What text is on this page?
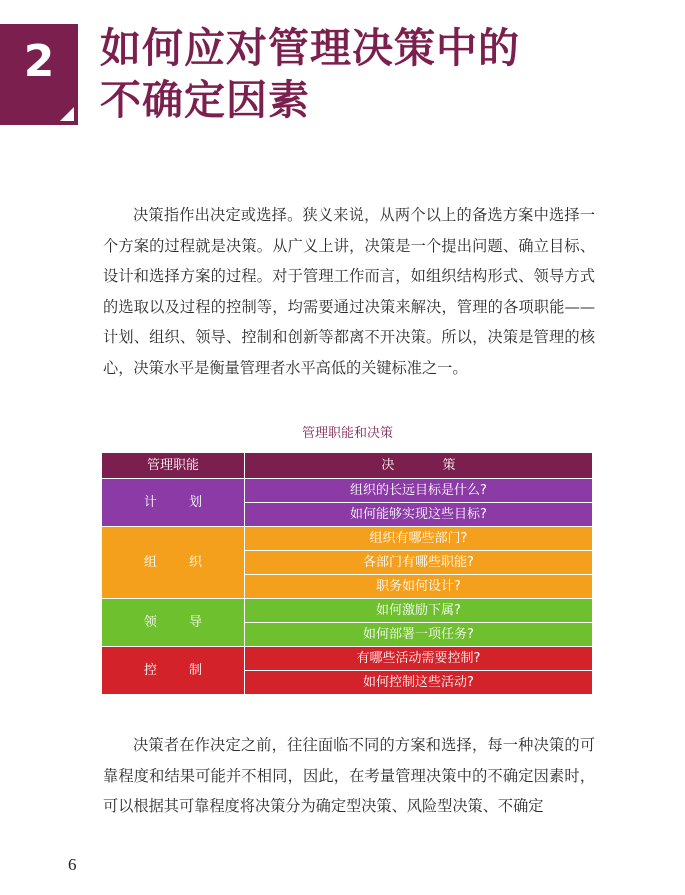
2	如何应对管理决策中的
不确定因素

决策指作出决定或选择。狭义来说，从两个以上的备选方案中选择一个方案的过程就是决策。从广义上讲，决策是一个提出问题、确立目标、设计和选择方案的过程。对于管理工作而言，如组织结构形式、领导方式的选取以及过程的控制等，均需要通过决策来解决，管理的各项职能——计划、组织、领导、控制和创新等都离不开决策。所以，决策是管理的核心，决策水平是衡量管理者水平高低的关键标准之一。

管理职能和决策
管理职能	决 策
计 划	组织的长远目标是什么?
	如何能够实现这些目标?
组 织	组织有哪些部门?
	各部门有哪些职能?
	职务如何设计?
领 导	如何激励下属?
	如何部署一项任务?
控 制	有哪些活动需要控制?
	如何控制这些活动?

决策者在作决定之前，往往面临不同的方案和选择，每一种决策的可靠程度和结果可能并不相同，因此，在考量管理决策中的不确定因素时，可以根据其可靠程度将决策分为确定型决策、风险型决策、不确定

6
